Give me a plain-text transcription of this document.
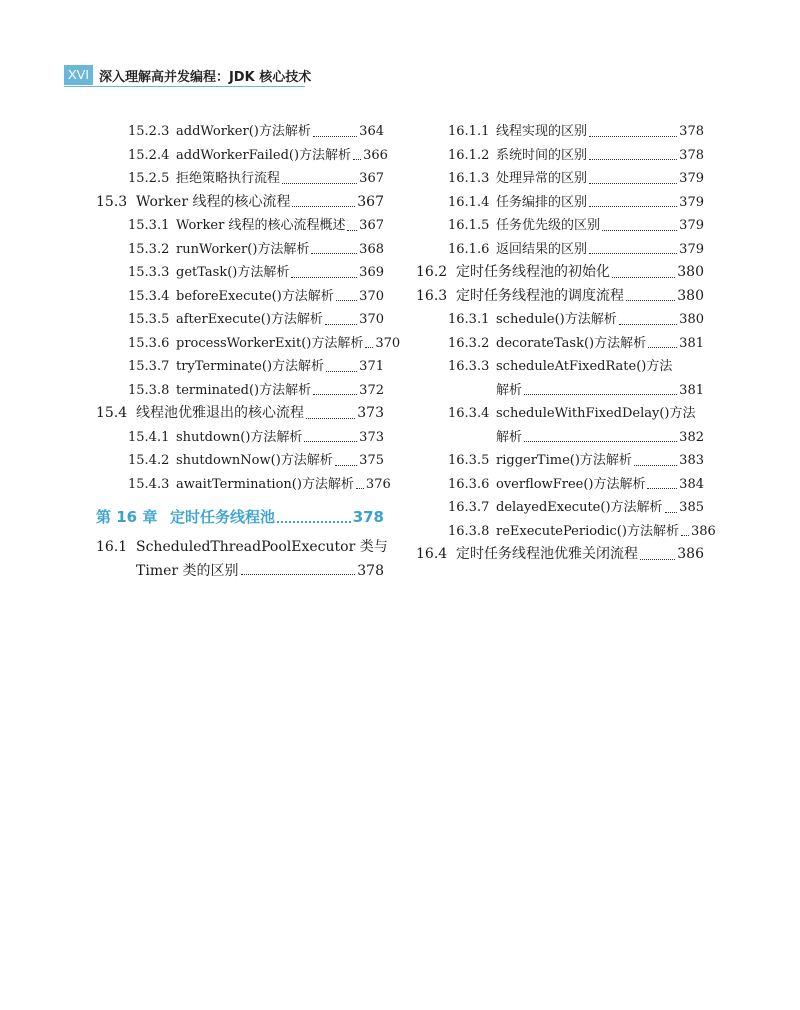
XVI 深入理解高并发编程：JDK 核心技术
15.2.3 addWorker()方法解析	364
15.2.4 addWorkerFailed()方法解析 366
15.2.5 拒绝策略执行流程	367
15.3 Worker 线程的核心流程	367
15.3.1 Worker 线程的核心流程概述 367
15.3.2 runWorker()方法解析	368
15.3.3 getTask()方法解析	369
15.3.4 beforeExecute()方法解析 370
15.3.5 afterExecute()方法解析	370
15.3.6 processWorkerExit()方法解析 370
15.3.7 tryTerminate()方法解析	371
15.3.8 terminated()方法解析	372
15.4 线程池优雅退出的核心流程	373
15.4.1 shutdown()方法解析	373
15.4.2 shutdownNow()方法解析 375
15.4.3 awaitTermination()方法解析 376
第 16 章 定时任务线程池	378
16.1 ScheduledThreadPoolExecutor 类与
Timer 类的区别	378
16.1.1 线程实现的区别	378
16.1.2 系统时间的区别	378
16.1.3 处理异常的区别	379
16.1.4 任务编排的区别	379
16.1.5 任务优先级的区别	379
16.1.6 返回结果的区别	379
16.2 定时任务线程池的初始化	380
16.3 定时任务线程池的调度流程	380
16.3.1 schedule()方法解析	380
16.3.2 decorateTask()方法解析	381
16.3.3 scheduleAtFixedRate()方法
解析	381
16.3.4 scheduleWithFixedDelay()方法
解析	382
16.3.5 riggerTime()方法解析	383
16.3.6 overflowFree()方法解析	384
16.3.7 delayedExecute()方法解析 385
16.3.8 reExecutePeriodic()方法解析 386
16.4 定时任务线程池优雅关闭流程	386
